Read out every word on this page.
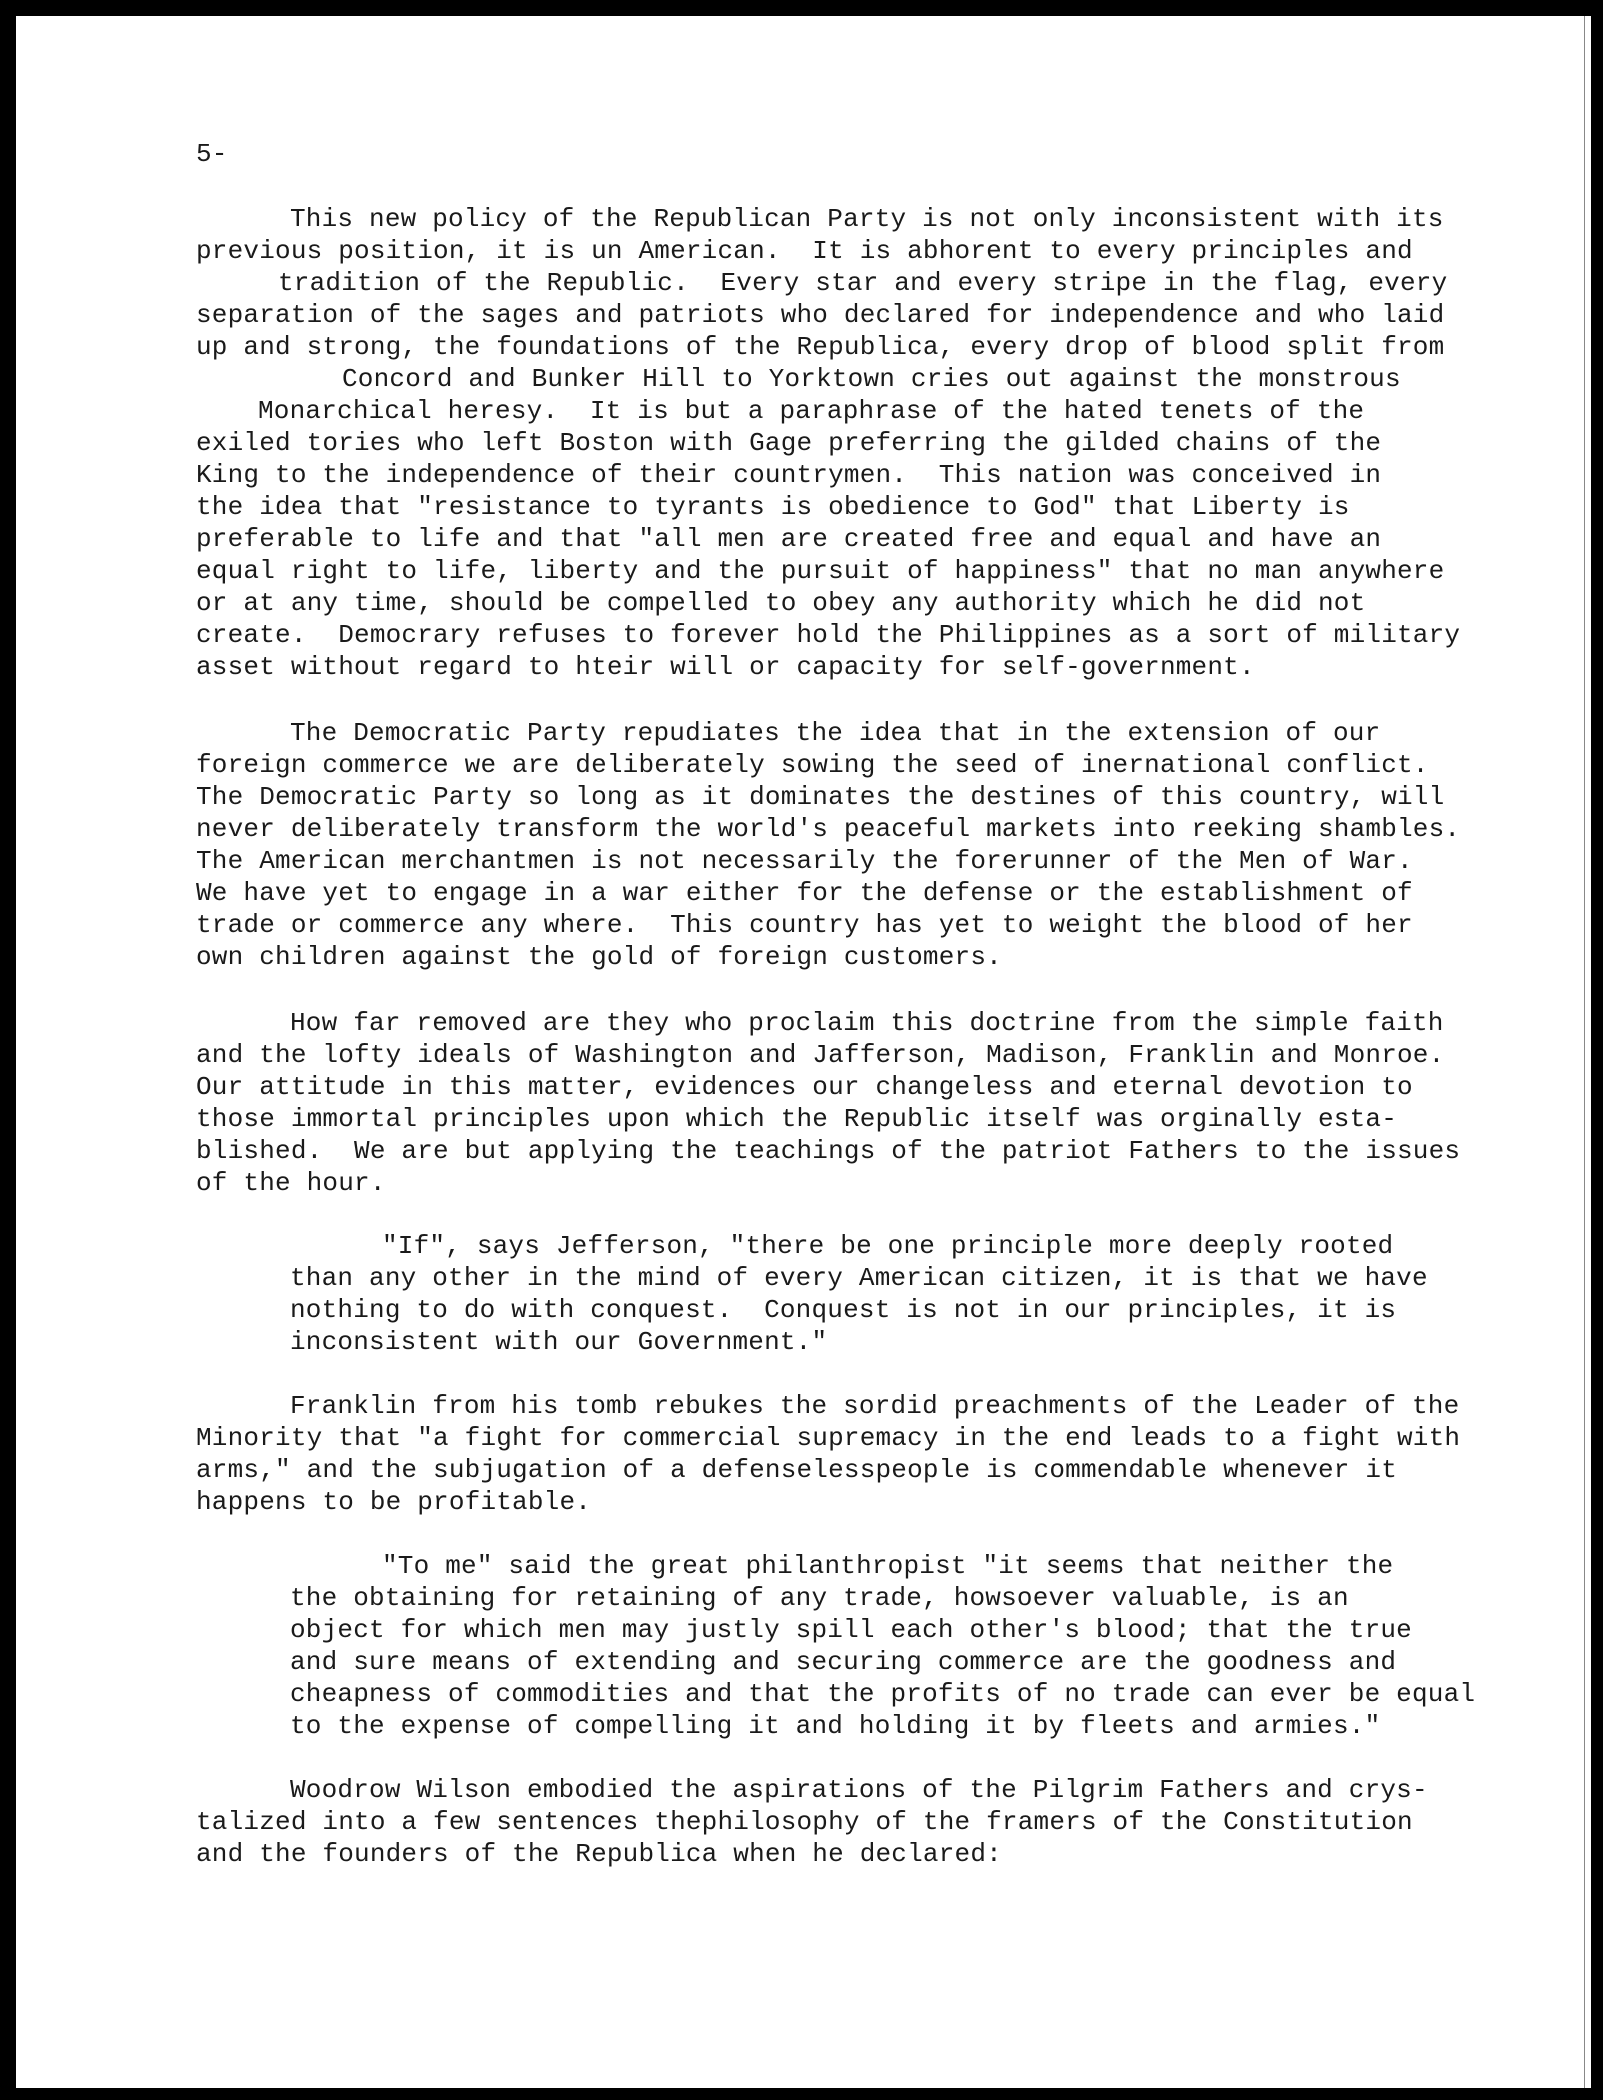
5-
This new policy of the Republican Party is not only inconsistent with its
previous position, it is un American.  It is abhorent to every principles and
tradition of the Republic.  Every star and every stripe in the flag, every
separation of the sages and patriots who declared for independence and who laid
up and strong, the foundations of the Republica, every drop of blood split from
Concord and Bunker Hill to Yorktown cries out against the monstrous
Monarchical heresy.  It is but a paraphrase of the hated tenets of the
exiled tories who left Boston with Gage preferring the gilded chains of the
King to the independence of their countrymen.  This nation was conceived in
the idea that "resistance to tyrants is obedience to God" that Liberty is
preferable to life and that "all men are created free and equal and have an
equal right to life, liberty and the pursuit of happiness" that no man anywhere
or at any time, should be compelled to obey any authority which he did not
create.  Democrary refuses to forever hold the Philippines as a sort of military
asset without regard to hteir will or capacity for self-government.
The Democratic Party repudiates the idea that in the extension of our
foreign commerce we are deliberately sowing the seed of inernational conflict.
The Democratic Party so long as it dominates the destines of this country, will
never deliberately transform the world's peaceful markets into reeking shambles.
The American merchantmen is not necessarily the forerunner of the Men of War.
We have yet to engage in a war either for the defense or the establishment of
trade or commerce any where.  This country has yet to weight the blood of her
own children against the gold of foreign customers.
How far removed are they who proclaim this doctrine from the simple faith
and the lofty ideals of Washington and Jafferson, Madison, Franklin and Monroe.
Our attitude in this matter, evidences our changeless and eternal devotion to
those immortal principles upon which the Republic itself was orginally esta-
blished.  We are but applying the teachings of the patriot Fathers to the issues
of the hour.
"If", says Jefferson, "there be one principle more deeply rooted
than any other in the mind of every American citizen, it is that we have
nothing to do with conquest.  Conquest is not in our principles, it is
inconsistent with our Government."
Franklin from his tomb rebukes the sordid preachments of the Leader of the
Minority that "a fight for commercial supremacy in the end leads to a fight with
arms," and the subjugation of a defenselesspeople is commendable whenever it
happens to be profitable.
"To me" said the great philanthropist "it seems that neither the
the obtaining for retaining of any trade, howsoever valuable, is an
object for which men may justly spill each other's blood; that the true
and sure means of extending and securing commerce are the goodness and
cheapness of commodities and that the profits of no trade can ever be equal
to the expense of compelling it and holding it by fleets and armies."
Woodrow Wilson embodied the aspirations of the Pilgrim Fathers and crys-
talized into a few sentences thephilosophy of the framers of the Constitution
and the founders of the Republica when he declared:
